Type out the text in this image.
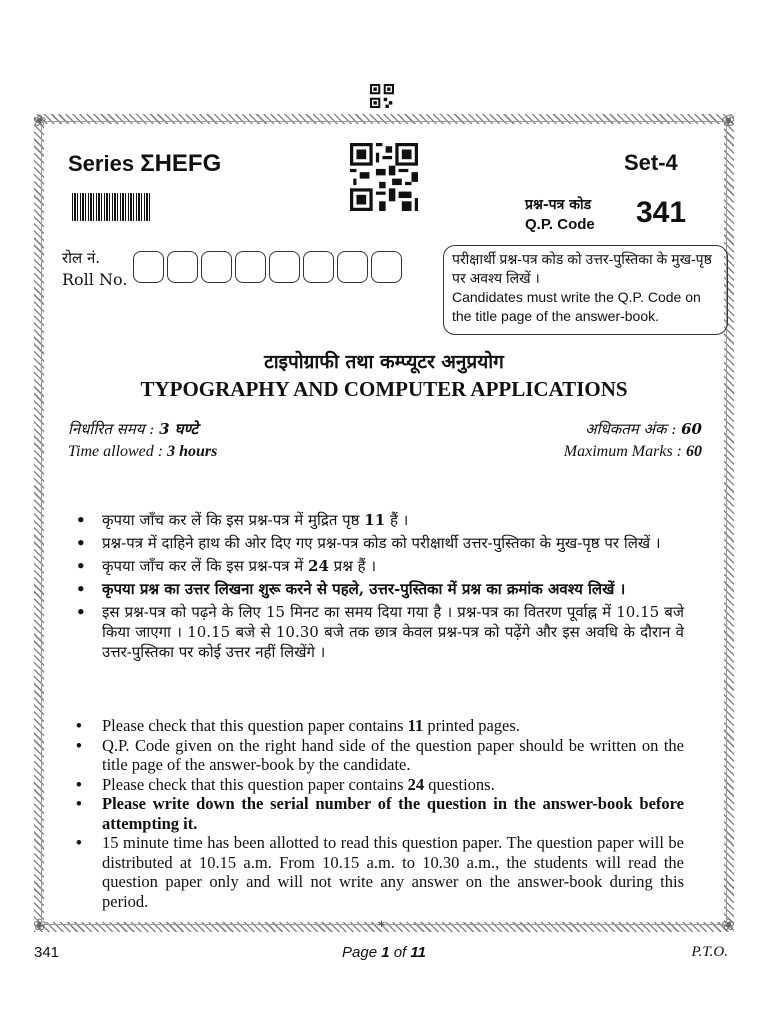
❀	❀
❀	❀
Series ΣHEFG	Set-4
प्रश्न-पत्र कोड
Q.P. Code 341
रोल नं.
Roll No.

परीक्षार्थी प्रश्न-पत्र कोड को उत्तर-पुस्तिका के मुख-पृष्ठ पर अवश्य लिखें ।

Candidates must write the Q.P. Code on the title page of the answer-book.

टाइपोग्राफी तथा कम्प्यूटर अनुप्रयोग
TYPOGRAPHY AND COMPUTER APPLICATIONS
निर्धारित समय : 3 घण्टे
Time allowed : 3 hours
अधिकतम अंक : 60
Maximum Marks : 60
• कृपया जाँच कर लें कि इस प्रश्न-पत्र में मुद्रित पृष्ठ 11 हैं ।
• प्रश्न-पत्र में दाहिने हाथ की ओर दिए गए प्रश्न-पत्र कोड को परीक्षार्थी उत्तर-पुस्तिका के मुख-पृष्ठ पर लिखें ।
• कृपया जाँच कर लें कि इस प्रश्न-पत्र में 24 प्रश्न हैं ।
• कृपया प्रश्न का उत्तर लिखना शुरू करने से पहले, उत्तर-पुस्तिका में प्रश्न का क्रमांक अवश्य लिखें ।
• इस प्रश्न-पत्र को पढ़ने के लिए 15 मिनट का समय दिया गया है । प्रश्न-पत्र का वितरण पूर्वाह्न में 10.15 बजे किया जाएगा । 10.15 बजे से 10.30 बजे तक छात्र केवल प्रश्न-पत्र को पढ़ेंगे और इस अवधि के दौरान वे उत्तर-पुस्तिका पर कोई उत्तर नहीं लिखेंगे ।
• Please check that this question paper contains 11 printed pages.
• Q.P. Code given on the right hand side of the question paper should be written on the title page of the answer-book by the candidate.
• Please check that this question paper contains 24 questions.
• Please write down the serial number of the question in the answer-book before attempting it.
• 15 minute time has been allotted to read this question paper. The question paper will be distributed at 10.15 a.m. From 10.15 a.m. to 10.30 a.m., the students will read the question paper only and will not write any answer on the answer-book during this period.
*
341	Page 1 of 11	P.T.O.
